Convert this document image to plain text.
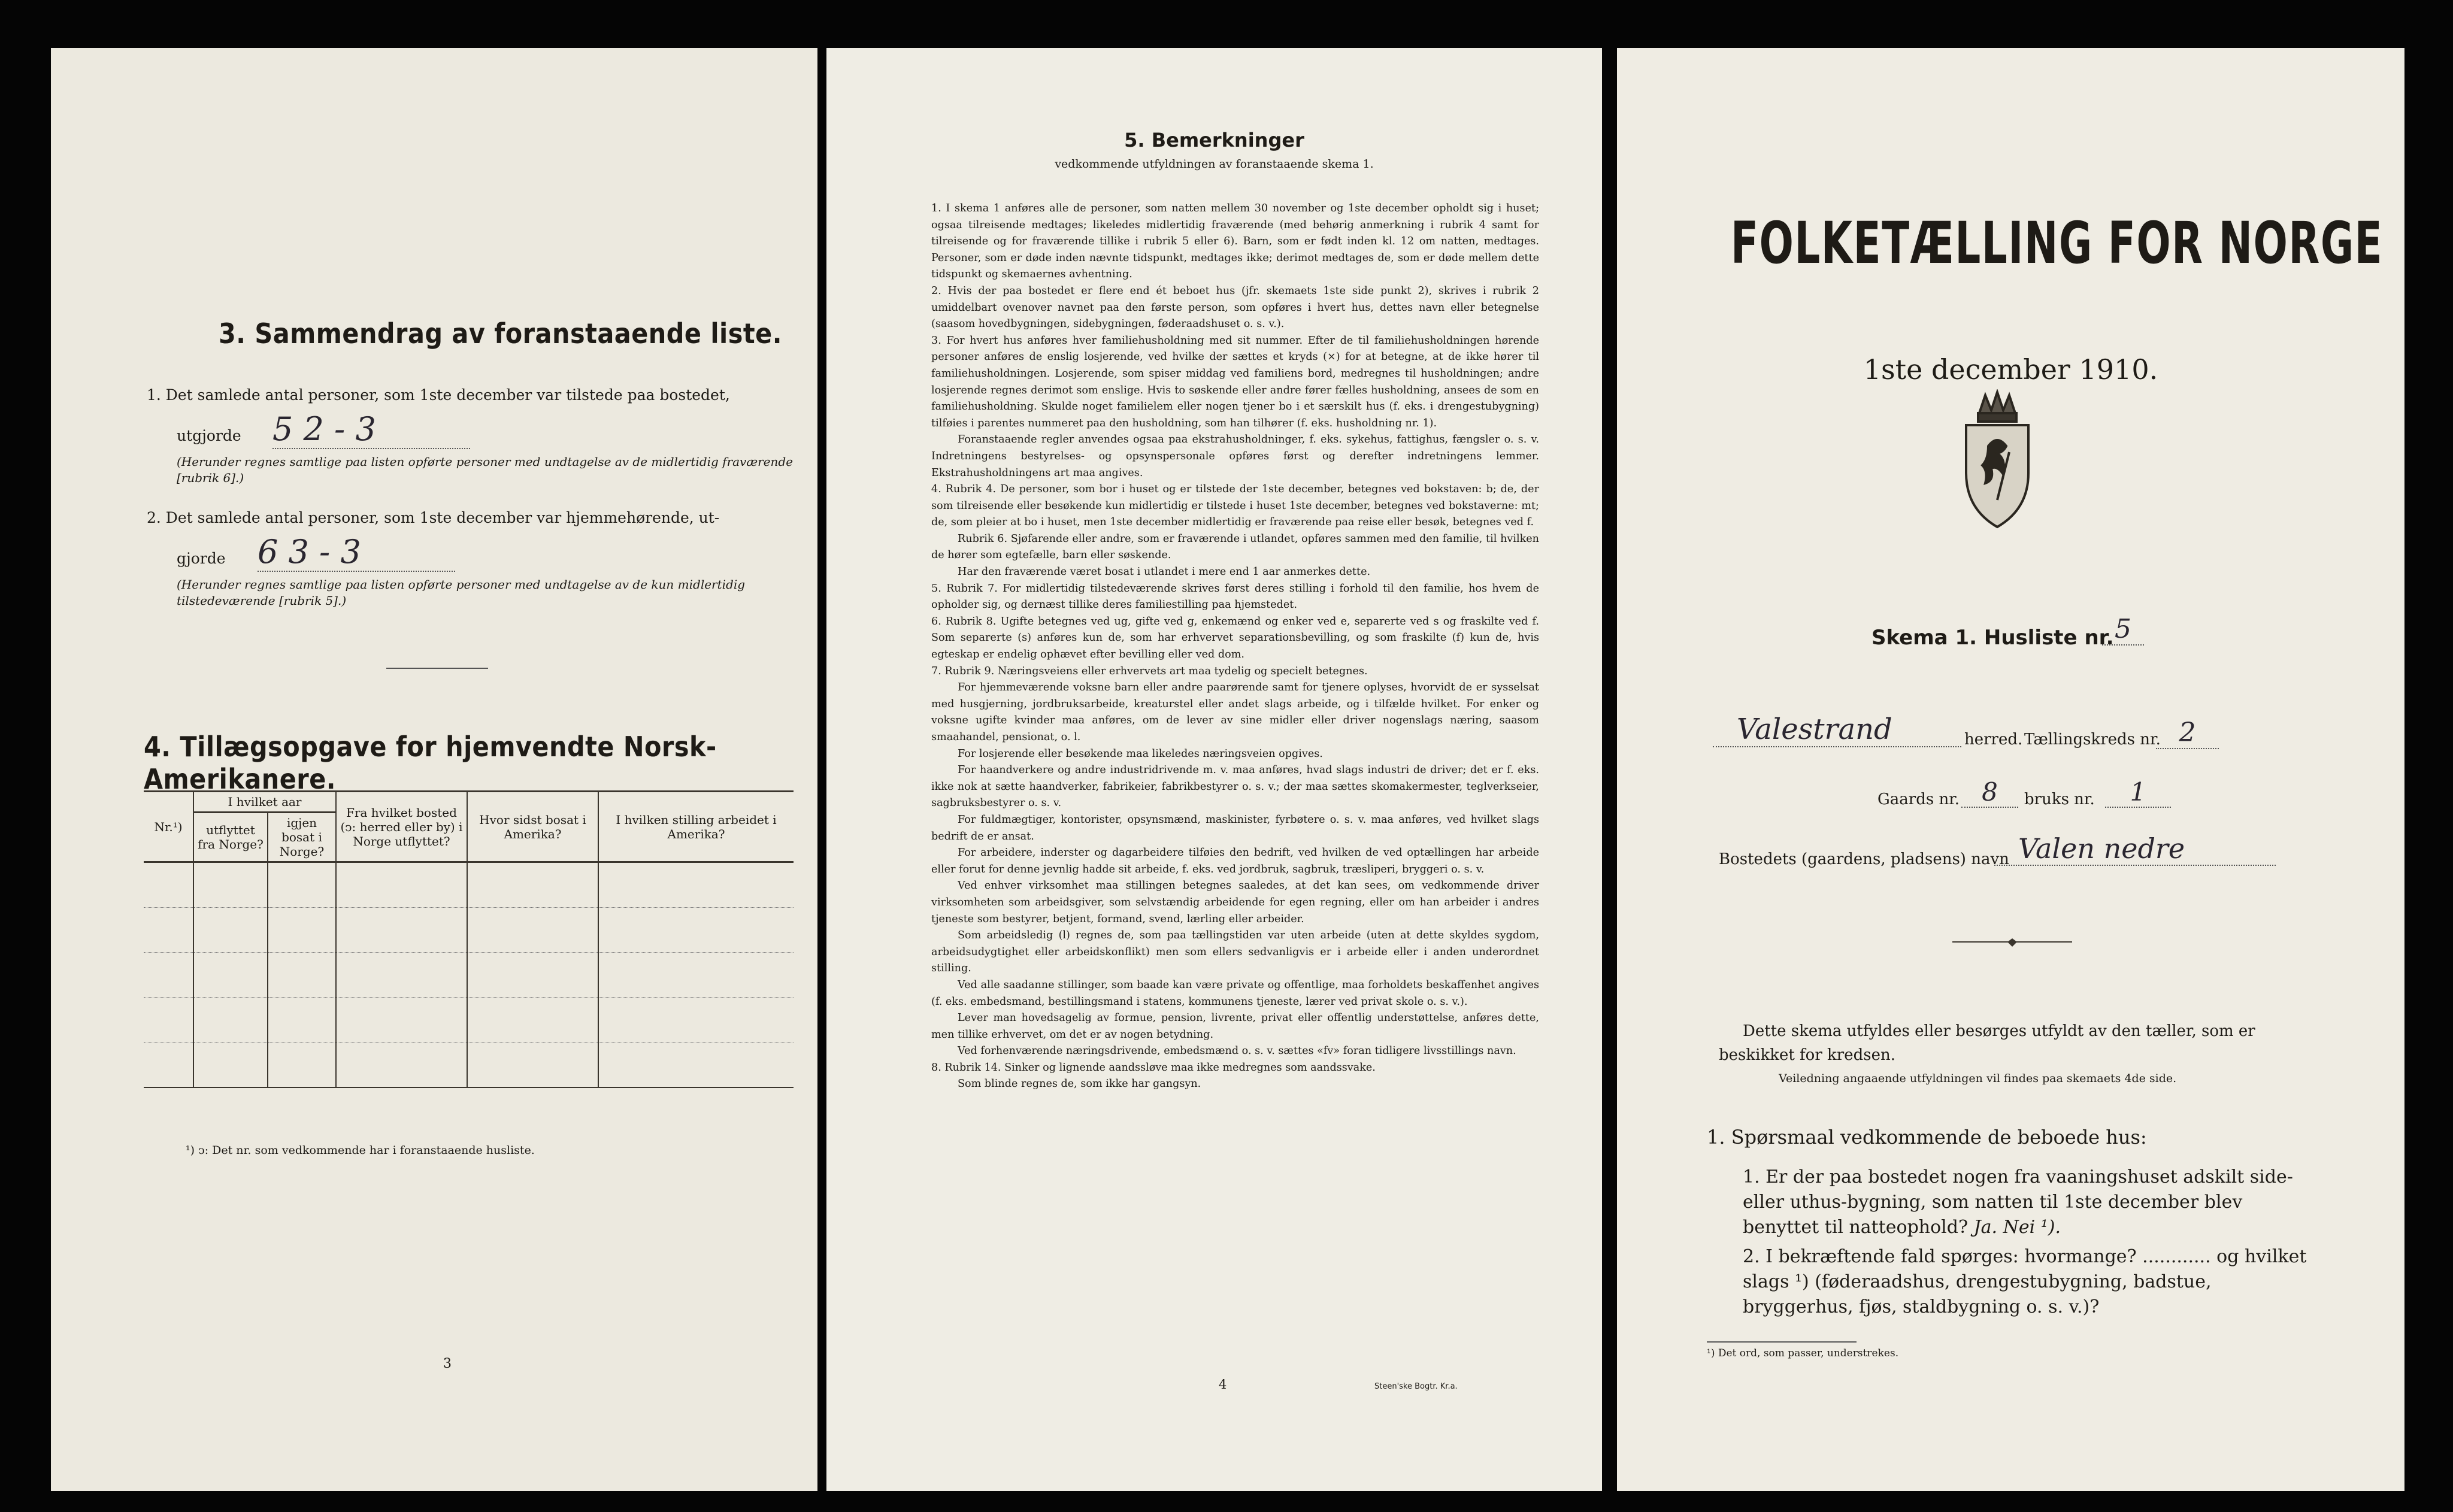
3. Sammendrag av foranstaaende liste.
1. Det samlede antal personer, som 1ste december var tilstede paa bostedet,
utgjorde 5 2 - 3
(Herunder regnes samtlige paa listen opførte personer med undtagelse av de midlertidig fraværende [rubrik 6].)
2. Det samlede antal personer, som 1ste december var hjemmehørende, ut-
gjorde 6 3 - 3
(Herunder regnes samtlige paa listen opførte personer med undtagelse av de kun midlertidig tilstedeværende [rubrik 5].)
4. Tillægsopgave for hjemvendte Norsk-Amerikanere.
Nr.¹)	I hvilket aar		Fra hvilket bosted (ↄ: herred eller by) i Norge utflyttet?	Hvor sidst bosat i Amerika?	I hvilken stilling arbeidet i Amerika?
	utflyttet fra Norge?	igjen bosat i Norge?			

¹) ↄ: Det nr. som vedkommende har i foranstaaende husliste.
3
5. Bemerkninger
vedkommende utfyldningen av foranstaaende skema 1.

1. I skema 1 anføres alle de personer, som natten mellem 30 november og 1ste december opholdt sig i huset; ogsaa tilreisende medtages; likeledes midlertidig fraværende (med behørig anmerkning i rubrik 4 samt for tilreisende og for fraværende tillike i rubrik 5 eller 6). Barn, som er født inden kl. 12 om natten, medtages. Personer, som er døde inden nævnte tidspunkt, medtages ikke; derimot medtages de, som er døde mellem dette tidspunkt og skemaernes avhentning.

2. Hvis der paa bostedet er flere end ét beboet hus (jfr. skemaets 1ste side punkt 2), skrives i rubrik 2 umiddelbart ovenover navnet paa den første person, som opføres i hvert hus, dettes navn eller betegnelse (saasom hovedbygningen, sidebygningen, føderaadshuset o. s. v.).

3. For hvert hus anføres hver familiehusholdning med sit nummer. Efter de til familiehusholdningen hørende personer anføres de enslig losjerende, ved hvilke der sættes et kryds (×) for at betegne, at de ikke hører til familiehusholdningen. Losjerende, som spiser middag ved familiens bord, medregnes til husholdningen; andre losjerende regnes derimot som enslige. Hvis to søskende eller andre fører fælles husholdning, ansees de som en familiehusholdning. Skulde noget familielem eller nogen tjener bo i et særskilt hus (f. eks. i drengestubygning) tilføies i parentes nummeret paa den husholdning, som han tilhører (f. eks. husholdning nr. 1).

Foranstaaende regler anvendes ogsaa paa ekstrahusholdninger, f. eks. sykehus, fattighus, fængsler o. s. v. Indretningens bestyrelses- og opsynspersonale opføres først og derefter indretningens lemmer. Ekstrahusholdningens art maa angives.

4. Rubrik 4. De personer, som bor i huset og er tilstede der 1ste december, betegnes ved bokstaven: b; de, der som tilreisende eller besøkende kun midlertidig er tilstede i huset 1ste december, betegnes ved bokstaverne: mt; de, som pleier at bo i huset, men 1ste december midlertidig er fraværende paa reise eller besøk, betegnes ved f.

Rubrik 6. Sjøfarende eller andre, som er fraværende i utlandet, opføres sammen med den familie, til hvilken de hører som egtefælle, barn eller søskende.

Har den fraværende været bosat i utlandet i mere end 1 aar anmerkes dette.

5. Rubrik 7. For midlertidig tilstedeværende skrives først deres stilling i forhold til den familie, hos hvem de opholder sig, og dernæst tillike deres familiestilling paa hjemstedet.

6. Rubrik 8. Ugifte betegnes ved ug, gifte ved g, enkemænd og enker ved e, separerte ved s og fraskilte ved f. Som separerte (s) anføres kun de, som har erhvervet separationsbevilling, og som fraskilte (f) kun de, hvis egteskap er endelig ophævet efter bevilling eller ved dom.

7. Rubrik 9. Næringsveiens eller erhvervets art maa tydelig og specielt betegnes.

For hjemmeværende voksne barn eller andre paarørende samt for tjenere oplyses, hvorvidt de er sysselsat med husgjerning, jordbruksarbeide, kreaturstel eller andet slags arbeide, og i tilfælde hvilket. For enker og voksne ugifte kvinder maa anføres, om de lever av sine midler eller driver nogenslags næring, saasom smaahandel, pensionat, o. l.

For losjerende eller besøkende maa likeledes næringsveien opgives.

For haandverkere og andre industridrivende m. v. maa anføres, hvad slags industri de driver; det er f. eks. ikke nok at sætte haandverker, fabrikeier, fabrikbestyrer o. s. v.; der maa sættes skomakermester, teglverkseier, sagbruksbestyrer o. s. v.

For fuldmægtiger, kontorister, opsynsmænd, maskinister, fyrbøtere o. s. v. maa anføres, ved hvilket slags bedrift de er ansat.

For arbeidere, inderster og dagarbeidere tilføies den bedrift, ved hvilken de ved optællingen har arbeide eller forut for denne jevnlig hadde sit arbeide, f. eks. ved jordbruk, sagbruk, træsliperi, bryggeri o. s. v.

Ved enhver virksomhet maa stillingen betegnes saaledes, at det kan sees, om vedkommende driver virksomheten som arbeidsgiver, som selvstændig arbeidende for egen regning, eller om han arbeider i andres tjeneste som bestyrer, betjent, formand, svend, lærling eller arbeider.

Som arbeidsledig (l) regnes de, som paa tællingstiden var uten arbeide (uten at dette skyldes sygdom, arbeidsudygtighet eller arbeidskonflikt) men som ellers sedvanligvis er i arbeide eller i anden underordnet stilling.

Ved alle saadanne stillinger, som baade kan være private og offentlige, maa forholdets beskaffenhet angives (f. eks. embedsmand, bestillingsmand i statens, kommunens tjeneste, lærer ved privat skole o. s. v.).

Lever man hovedsagelig av formue, pension, livrente, privat eller offentlig understøttelse, anføres dette, men tillike erhvervet, om det er av nogen betydning.

Ved forhenværende næringsdrivende, embedsmænd o. s. v. sættes «fv» foran tidligere livsstillings navn.

8. Rubrik 14. Sinker og lignende aandssløve maa ikke medregnes som aandssvake.

Som blinde regnes de, som ikke har gangsyn.

4	Steen'ske Bogtr. Kr.a.
FOLKETÆLLING FOR NORGE
1ste december 1910.
Skema 1. Husliste nr. 5
Valestrand	herred. Tællingskreds nr. 2
Gaards nr. 8	bruks nr.	1
Bostedets (gaardens, pladsens) navn Valen nedre
Dette skema utfyldes eller besørges utfyldt av den tæller, som er beskikket for kredsen.
Veiledning angaaende utfyldningen vil findes paa skemaets 4de side.
1. Spørsmaal vedkommende de beboede hus:
1. Er der paa bostedet nogen fra vaaningshuset adskilt side- eller uthus-bygning, som natten til 1ste december blev benyttet til natteophold? Ja. Nei ¹).
2. I bekræftende fald spørges: hvormange? ............ og hvilket slags ¹) (føderaadshus, drengestubygning, badstue, bryggerhus, fjøs, staldbygning o. s. v.)?
¹) Det ord, som passer, understrekes.
